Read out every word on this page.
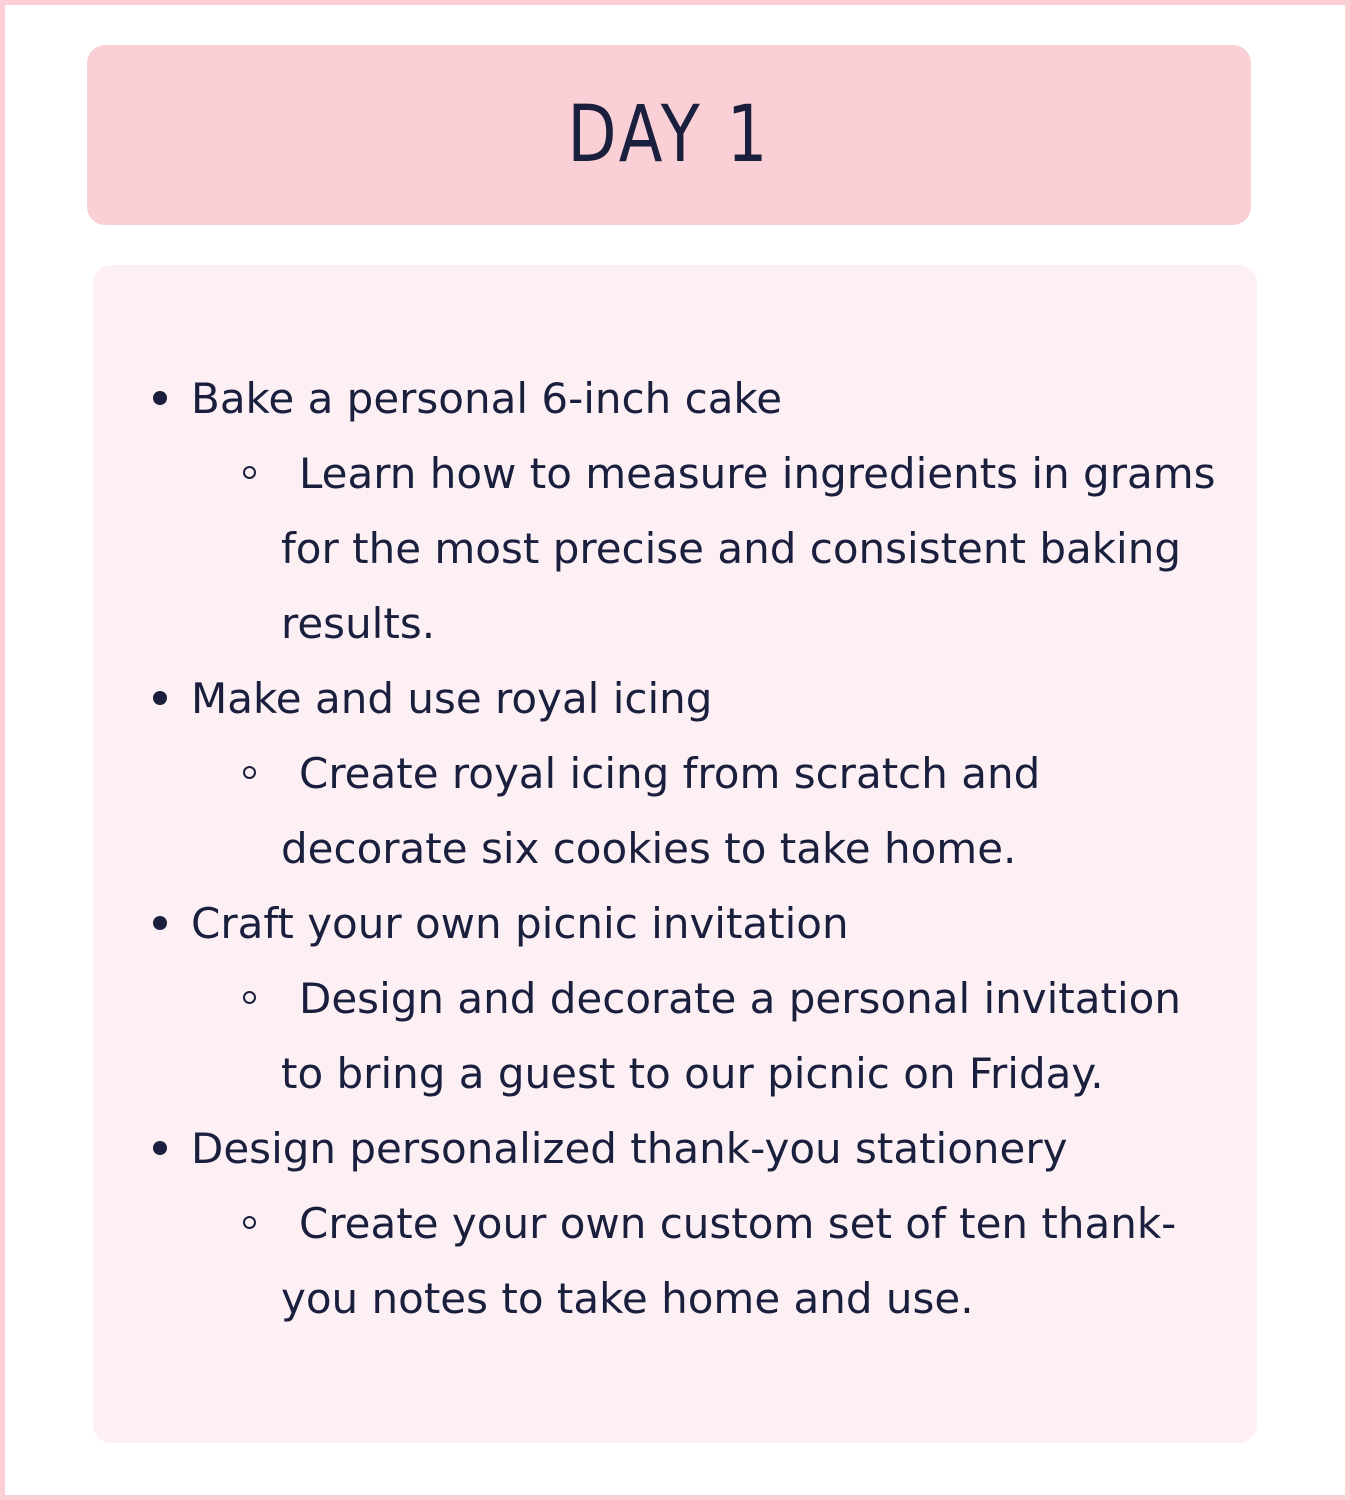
DAY 1
Bake a personal 6-inch cake
Learn how to measure ingredients in grams for the most precise and consistent baking results.
Make and use royal icing
Create royal icing from scratch and decorate six cookies to take home.
Craft your own picnic invitation
Design and decorate a personal invitation to bring a guest to our picnic on Friday.
Design personalized thank-you stationery
Create your own custom set of ten thank-you notes to take home and use.
